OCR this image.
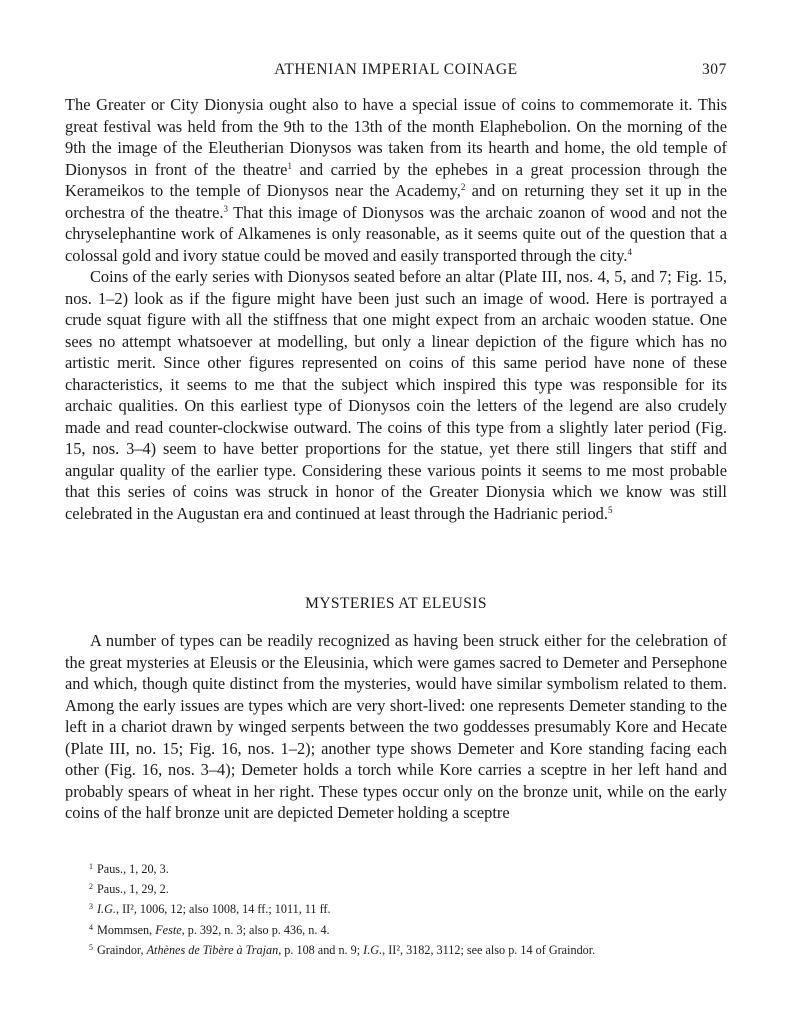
ATHENIAN IMPERIAL COINAGE	307

The Greater or City Dionysia ought also to have a special issue of coins to commemorate it. This great festival was held from the 9th to the 13th of the month Elaphebolion. On the morning of the 9th the image of the Eleutherian Dionysos was taken from its hearth and home, the old temple of Dionysos in front of the theatre$^1$ and carried by the ephebes in a great procession through the Kerameikos to the temple of Dionysos near the Academy,$^2$ and on returning they set it up in the orchestra of the theatre.$^3$ That this image of Dionysos was the archaic zoanon of wood and not the chryselephantine work of Alkamenes is only reasonable, as it seems quite out of the question that a colossal gold and ivory statue could be moved and easily transported through the city.$^4$

Coins of the early series with Dionysos seated before an altar (Plate III, nos. 4, 5, and 7; Fig. 15, nos. 1–2) look as if the figure might have been just such an image of wood. Here is portrayed a crude squat figure with all the stiffness that one might expect from an archaic wooden statue. One sees no attempt whatsoever at modelling, but only a linear depiction of the figure which has no artistic merit. Since other figures represented on coins of this same period have none of these characteristics, it seems to me that the subject which inspired this type was responsible for its archaic qualities. On this earliest type of Dionysos coin the letters of the legend are also crudely made and read counter-clockwise outward. The coins of this type from a slightly later period (Fig. 15, nos. 3–4) seem to have better proportions for the statue, yet there still lingers that stiff and angular quality of the earlier type. Considering these various points it seems to me most probable that this series of coins was struck in honor of the Greater Dionysia which we know was still celebrated in the Augustan era and continued at least through the Hadrianic period.$^5$

MYSTERIES AT ELEUSIS

A number of types can be readily recognized as having been struck either for the celebration of the great mysteries at Eleusis or the Eleusinia, which were games sacred to Demeter and Persephone and which, though quite distinct from the mysteries, would have similar symbolism related to them. Among the early issues are types which are very short-lived: one represents Demeter standing to the left in a chariot drawn by winged serpents between the two goddesses presumably Kore and Hecate (Plate III, no. 15; Fig. 16, nos. 1–2); another type shows Demeter and Kore standing facing each other (Fig. 16, nos. 3–4); Demeter holds a torch while Kore carries a sceptre in her left hand and probably spears of wheat in her right. These types occur only on the bronze unit, while on the early coins of the half bronze unit are depicted Demeter holding a sceptre

$^1$ Paus., 1, 20, 3.

$^2$ Paus., 1, 29, 2.

$^3$ I.G., II², 1006, 12; also 1008, 14 ff.; 1011, 11 ff.

$^4$ Mommsen, Feste, p. 392, n. 3; also p. 436, n. 4.

$^5$ Graindor, Athènes de Tibère à Trajan, p. 108 and n. 9; I.G., II², 3182, 3112; see also p. 14 of Graindor.
